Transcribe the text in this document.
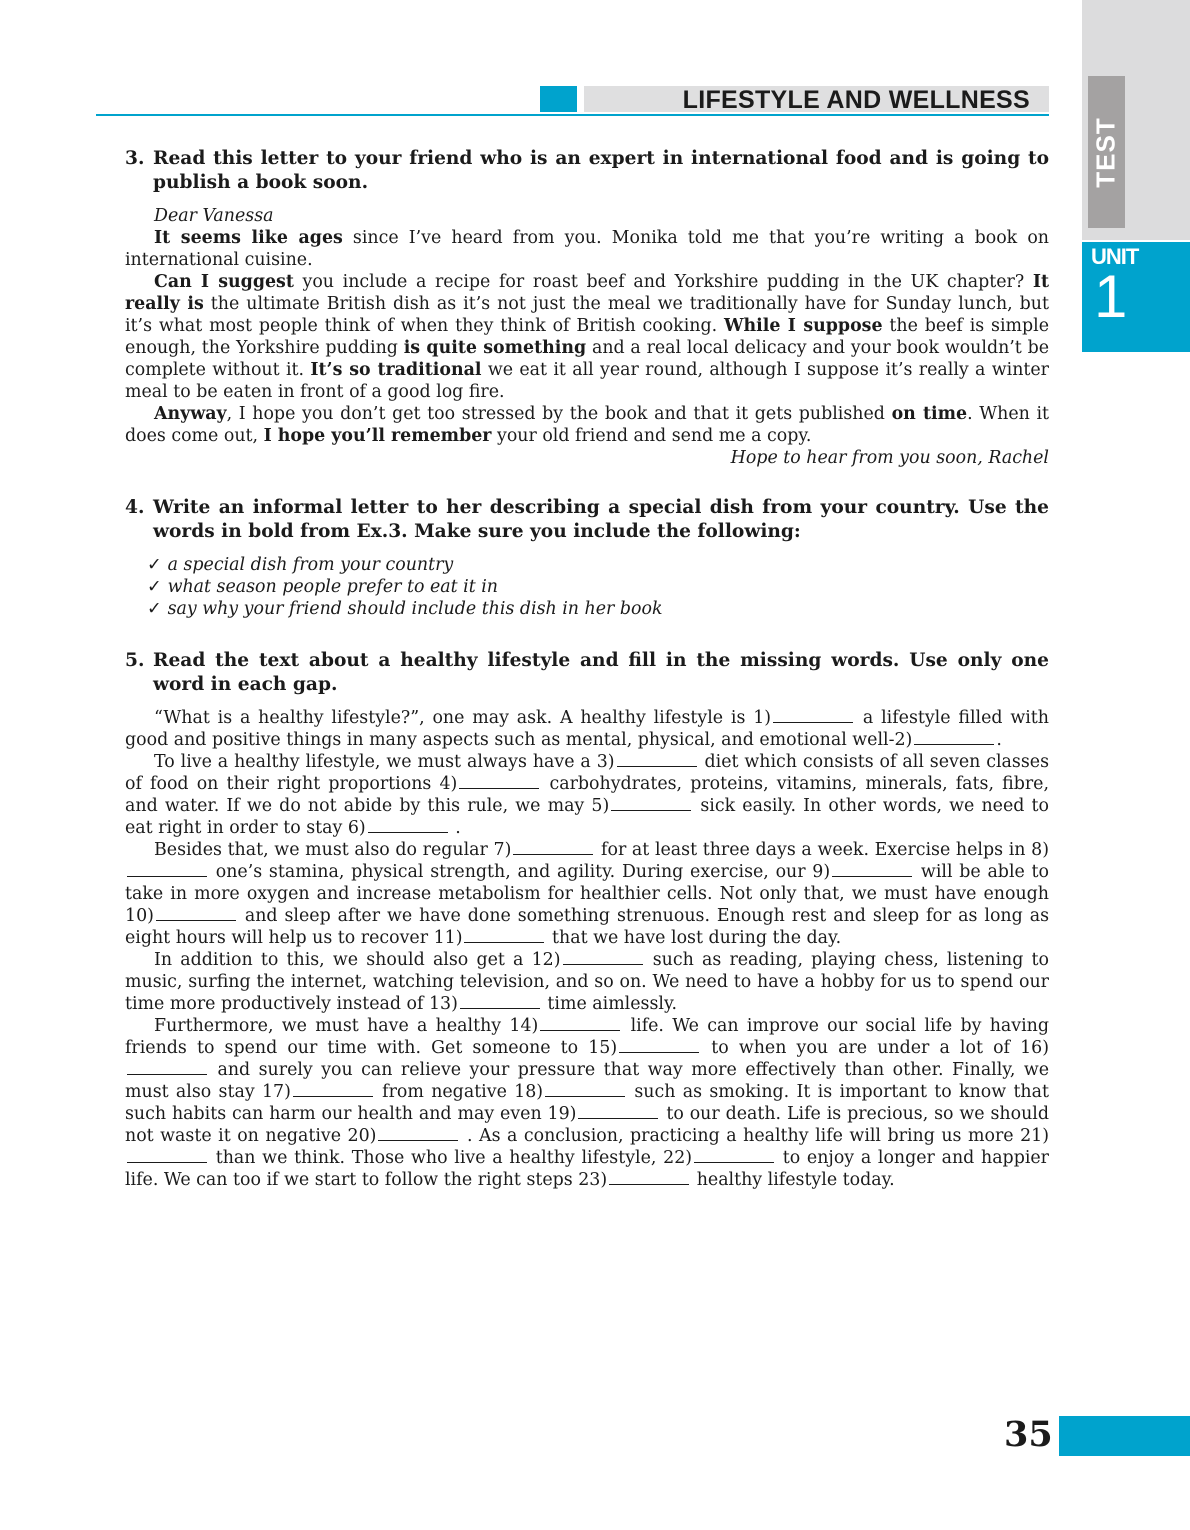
TEST
UNIT
1
LIFESTYLE AND WELLNESS
3. Read this letter to your friend who is an expert in international food and is going to publish a book soon.

Dear Vanessa

It seems like ages since I’ve heard from you. Monika told me that you’re writing a book on international cuisine.

Can I suggest you include a recipe for roast beef and Yorkshire pudding in the UK chapter? It really is the ultimate British dish as it’s not just the meal we traditionally have for Sunday lunch, but it’s what most people think of when they think of British cooking. While I suppose the beef is simple enough, the Yorkshire pudding is quite something and a real local delicacy and your book wouldn’t be complete without it. It’s so traditional we eat it all year round, although I suppose it’s really a winter meal to be eaten in front of a good log fire.

Anyway, I hope you don’t get too stressed by the book and that it gets published on time. When it does come out, I hope you’ll remember your old friend and send me a copy.

Hope to hear from you soon, Rachel

4. Write an informal letter to her describing a special dish from your country. Use the words in bold from Ex.3. Make sure you include the following:
✓ a special dish from your country
✓ what season people prefer to eat it in
✓ say why your friend should include this dish in her book
5. Read the text about a healthy lifestyle and fill in the missing words. Use only one word in each gap.

“What is a healthy lifestyle?”, one may ask. A healthy lifestyle is 1)	a lifestyle filled with good and positive things in many aspects such as mental, physical, and emotional well-2)	.

To live a healthy lifestyle, we must always have a 3)	diet which consists of all seven classes of food on their right proportions 4)	carbohydrates, proteins, vitamins, minerals, fats, fibre, and water. If we do not abide by this rule, we may 5)	sick easily. In other words, we need to eat right in order to stay 6)	.

Besides that, we must also do regular 7)	for at least three days a week. Exercise helps in 8) one’s stamina, physical strength, and agility. During exercise, our 9)	will be able to take in more oxygen and increase metabolism for healthier cells. Not only that, we must have enough 10)	and sleep after we have done something strenuous. Enough rest and sleep for as long as eight hours will help us to recover 11)	that we have lost during the day.

In addition to this, we should also get a 12)	such as reading, playing chess, listening to music, surfing the internet, watching television, and so on. We need to have a hobby for us to spend our time more productively instead of 13)	time aimlessly.

Furthermore, we must have a healthy 14)	life. We can improve our social life by having friends to spend our time with. Get someone to 15)	to when you are under a lot of 16) and surely you can relieve your pressure that way more effectively than other. Finally, we must also stay 17)	from negative 18)	such as smoking. It is important to know that such habits can harm our health and may even 19)	to our death. Life is precious, so we should not waste it on negative 20)	. As a conclusion, practicing a healthy life will bring us more 21) than we think. Those who live a healthy lifestyle, 22)	to enjoy a longer and happier life. We can too if we start to follow the right steps 23)	healthy lifestyle today.

35
